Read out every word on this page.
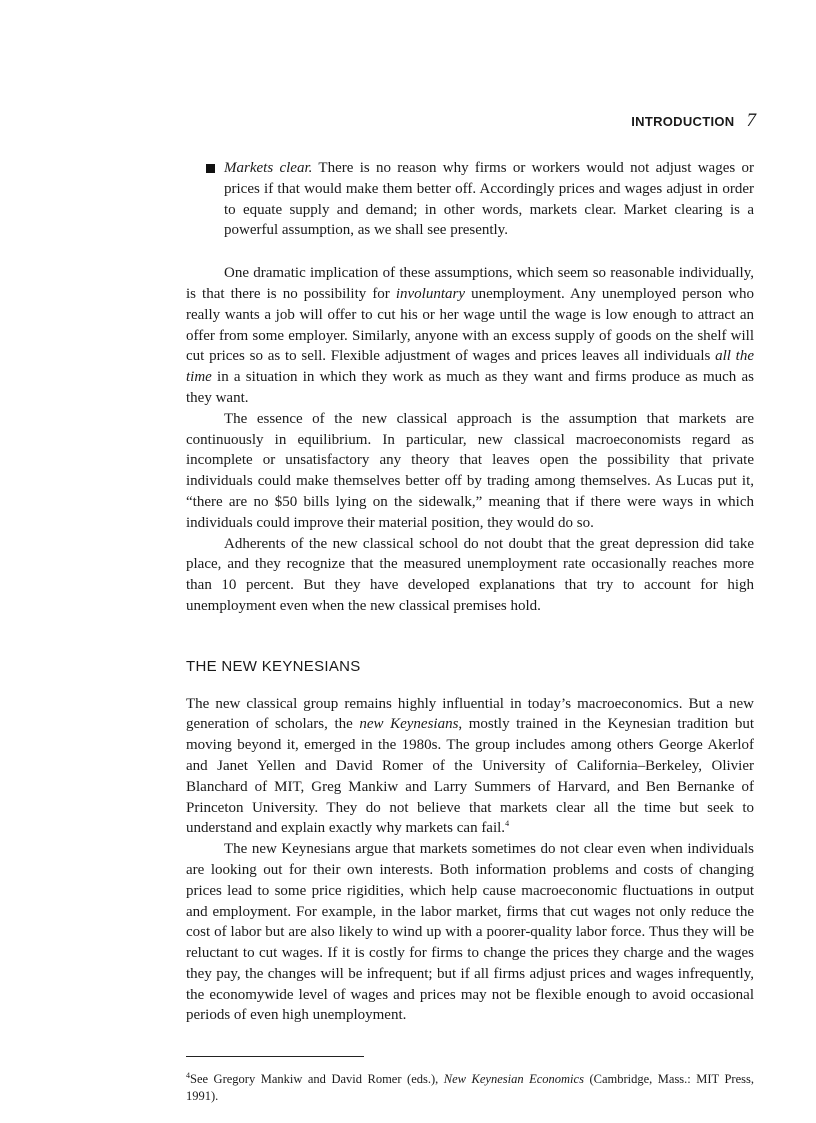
INTRODUCTION 7
Markets clear. There is no reason why firms or workers would not adjust wages or prices if that would make them better off. Accordingly prices and wages adjust in order to equate supply and demand; in other words, markets clear. Market clearing is a powerful assumption, as we shall see presently.

One dramatic implication of these assumptions, which seem so reasonable individually, is that there is no possibility for involuntary unemployment. Any unemployed person who really wants a job will offer to cut his or her wage until the wage is low enough to attract an offer from some employer. Similarly, anyone with an excess supply of goods on the shelf will cut prices so as to sell. Flexible adjustment of wages and prices leaves all individuals all the time in a situation in which they work as much as they want and firms produce as much as they want.

The essence of the new classical approach is the assumption that markets are continuously in equilibrium. In particular, new classical macroeconomists regard as incomplete or unsatisfactory any theory that leaves open the possibility that private individuals could make themselves better off by trading among themselves. As Lucas put it, “there are no $50 bills lying on the sidewalk,” meaning that if there were ways in which individuals could improve their material position, they would do so.

Adherents of the new classical school do not doubt that the great depression did take place, and they recognize that the measured unemployment rate occasionally reaches more than 10 percent. But they have developed explanations that try to account for high unemployment even when the new classical premises hold.

THE NEW KEYNESIANS

The new classical group remains highly influential in today’s macroeconomics. But a new generation of scholars, the new Keynesians, mostly trained in the Keynesian tradition but moving beyond it, emerged in the 1980s. The group includes among others George Akerlof and Janet Yellen and David Romer of the University of California–Berkeley, Olivier Blanchard of MIT, Greg Mankiw and Larry Summers of Harvard, and Ben Bernanke of Princeton University. They do not believe that markets clear all the time but seek to understand and explain exactly why markets can fail.$^4$

The new Keynesians argue that markets sometimes do not clear even when individuals are looking out for their own interests. Both information problems and costs of changing prices lead to some price rigidities, which help cause macroeconomic fluctuations in output and employment. For example, in the labor market, firms that cut wages not only reduce the cost of labor but are also likely to wind up with a poorer-quality labor force. Thus they will be reluctant to cut wages. If it is costly for firms to change the prices they charge and the wages they pay, the changes will be infrequent; but if all firms adjust prices and wages infrequently, the economywide level of wages and prices may not be flexible enough to avoid occasional periods of even high unemployment.

$^4$See Gregory Mankiw and David Romer (eds.), New Keynesian Economics (Cambridge, Mass.: MIT Press, 1991).
